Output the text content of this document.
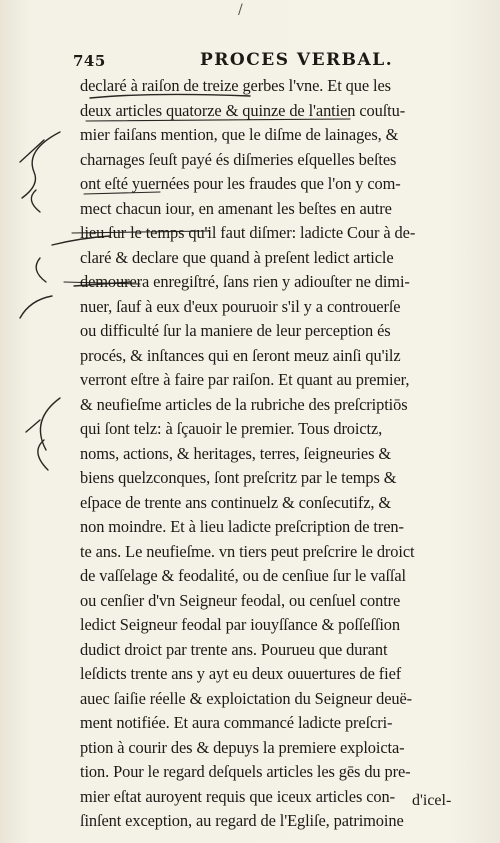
/
745	PROCES VERBAL.
declaré à raiſon de treize gerbes l'vne. Et que les
deux articles quatorze & quinze de l'antien couſtu-
mier faiſans mention, que le diſme de lainages, &
charnages ſeuſt payé és diſmeries eſquelles beſtes
ont eſté yuernées pour les fraudes que l'on y com-
mect chacun iour, en amenant les beſtes en autre
lieu ſur le temps qu'il faut diſmer: ladicte Cour à de-
claré & declare que quand à preſent ledict article
demourera enregiſtré, ſans rien y adiouſter ne dimi-
nuer, ſauf à eux d'eux pouruoir s'il y a controuerſe
ou difficulté ſur la maniere de leur perception és
procés, & inſtances qui en ſeront meuz ainſi qu'ilz
verront eſtre à faire par raiſon. Et quant au premier,
& neufieſme articles de la rubriche des preſcriptiōs
qui ſont telz: à ſçauoir le premier. Tous droictz,
noms, actions, & heritages, terres, ſeigneuries &
biens quelzconques, ſont preſcritz par le temps &
eſpace de trente ans continuelz & conſecutifz, &
non moindre. Et à lieu ladicte preſcription de tren-
te ans. Le neufieſme. vn tiers peut preſcrire le droict
de vaſſelage & feodalité, ou de cenſiue ſur le vaſſal
ou cenſier d'vn Seigneur feodal, ou cenſuel contre
ledict Seigneur feodal par iouyſſance & poſſeſſion
dudict droict par trente ans. Pourueu que durant
leſdicts trente ans y ayt eu deux ouuertures de fief
auec ſaiſie réelle & exploictation du Seigneur deuë-
ment notifiée. Et aura commancé ladicte preſcri-
ption à courir des & depuys la premiere exploicta-
tion. Pour le regard deſquels articles les gēs du pre-
mier eſtat auroyent requis que iceux articles con-
ſinſent exception, au regard de l'Egliſe, patrimoine
d'icel-
